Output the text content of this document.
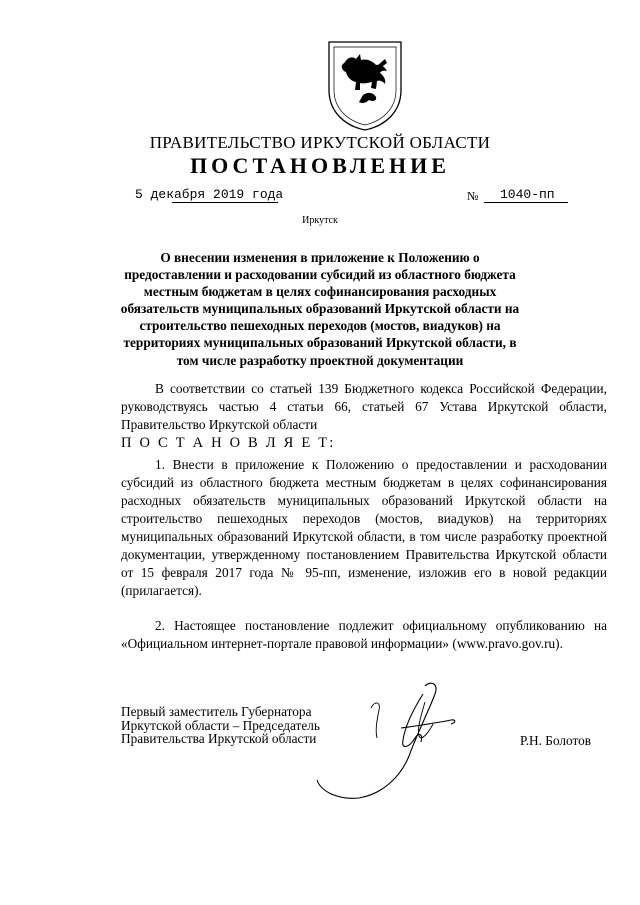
ПРАВИТЕЛЬСТВО ИРКУТСКОЙ ОБЛАСТИ
ПОСТАНОВЛЕНИЕ
5 декабря 2019 года	№ 1040-пп
Иркутск
О внесении изменения в приложение к Положению о предоставлении и расходовании субсидий из областного бюджета местным бюджетам в целях софинансирования расходных обязательств муниципальных образований Иркутской области на строительство пешеходных переходов (мостов, виадуков) на территориях муниципальных образований Иркутской области, в том числе разработку проектной документации
В соответствии со статьей 139 Бюджетного кодекса Российской Федерации, руководствуясь частью 4 статьи 66, статьей 67 Устава Иркутской области, Правительство Иркутской области
П О С Т А Н О В Л Я Е Т:
1. Внести в приложение к Положению о предоставлении и расходовании субсидий из областного бюджета местным бюджетам в целях софинансирования расходных обязательств муниципальных образований Иркутской области на строительство пешеходных переходов (мостов, виадуков) на территориях муниципальных образований Иркутской области, в том числе разработку проектной документации, утвержденному постановлением Правительства Иркутской области от 15 февраля 2017 года № 95-пп, изменение, изложив его в новой редакции (прилагается).
2. Настоящее постановление подлежит официальному опубликованию на «Официальном интернет-портале правовой информации» (www.pravo.gov.ru).
Первый заместитель Губернатора
Иркутской области – Председатель
Правительства Иркутской области	Р.Н. Болотов
